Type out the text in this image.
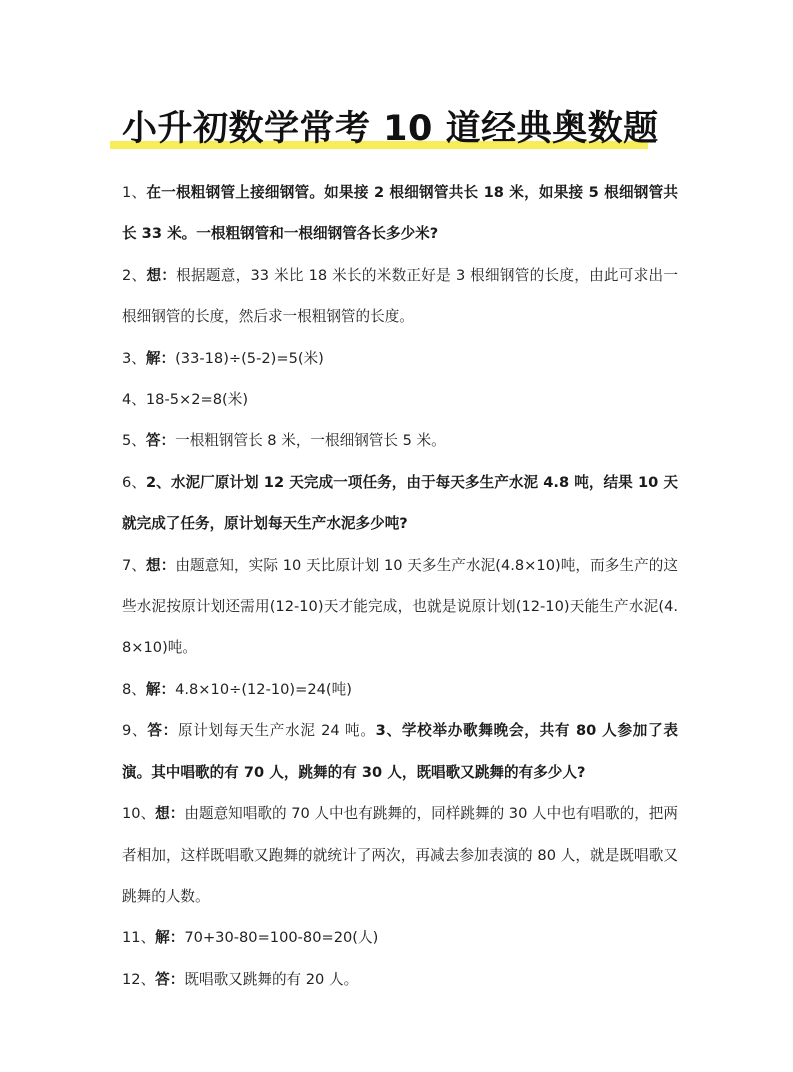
小升初数学常考 10 道经典奥数题

1、在一根粗钢管上接细钢管。如果接 2 根细钢管共长 18 米，如果接 5 根细钢管共长 33 米。一根粗钢管和一根细钢管各长多少米?

2、想：根据题意，33 米比 18 米长的米数正好是 3 根细钢管的长度，由此可求出一根细钢管的长度，然后求一根粗钢管的长度。

3、解：(33-18)÷(5-2)=5(米)

4、18-5×2=8(米)

5、答：一根粗钢管长 8 米，一根细钢管长 5 米。

6、2、水泥厂原计划 12 天完成一项任务，由于每天多生产水泥 4.8 吨，结果 10 天就完成了任务，原计划每天生产水泥多少吨?

7、想：由题意知，实际 10 天比原计划 10 天多生产水泥(4.8×10)吨，而多生产的这些水泥按原计划还需用(12-10)天才能完成，也就是说原计划(12-10)天能生产水泥(4.8×10)吨。

8、解：4.8×10÷(12-10)=24(吨)

9、答：原计划每天生产水泥 24 吨。3、学校举办歌舞晚会，共有 80 人参加了表演。其中唱歌的有 70 人，跳舞的有 30 人，既唱歌又跳舞的有多少人?

10、想：由题意知唱歌的 70 人中也有跳舞的，同样跳舞的 30 人中也有唱歌的，把两者相加，这样既唱歌又跑舞的就统计了两次，再减去参加表演的 80 人，就是既唱歌又跳舞的人数。

11、解：70+30-80=100-80=20(人)

12、答：既唱歌又跳舞的有 20 人。
